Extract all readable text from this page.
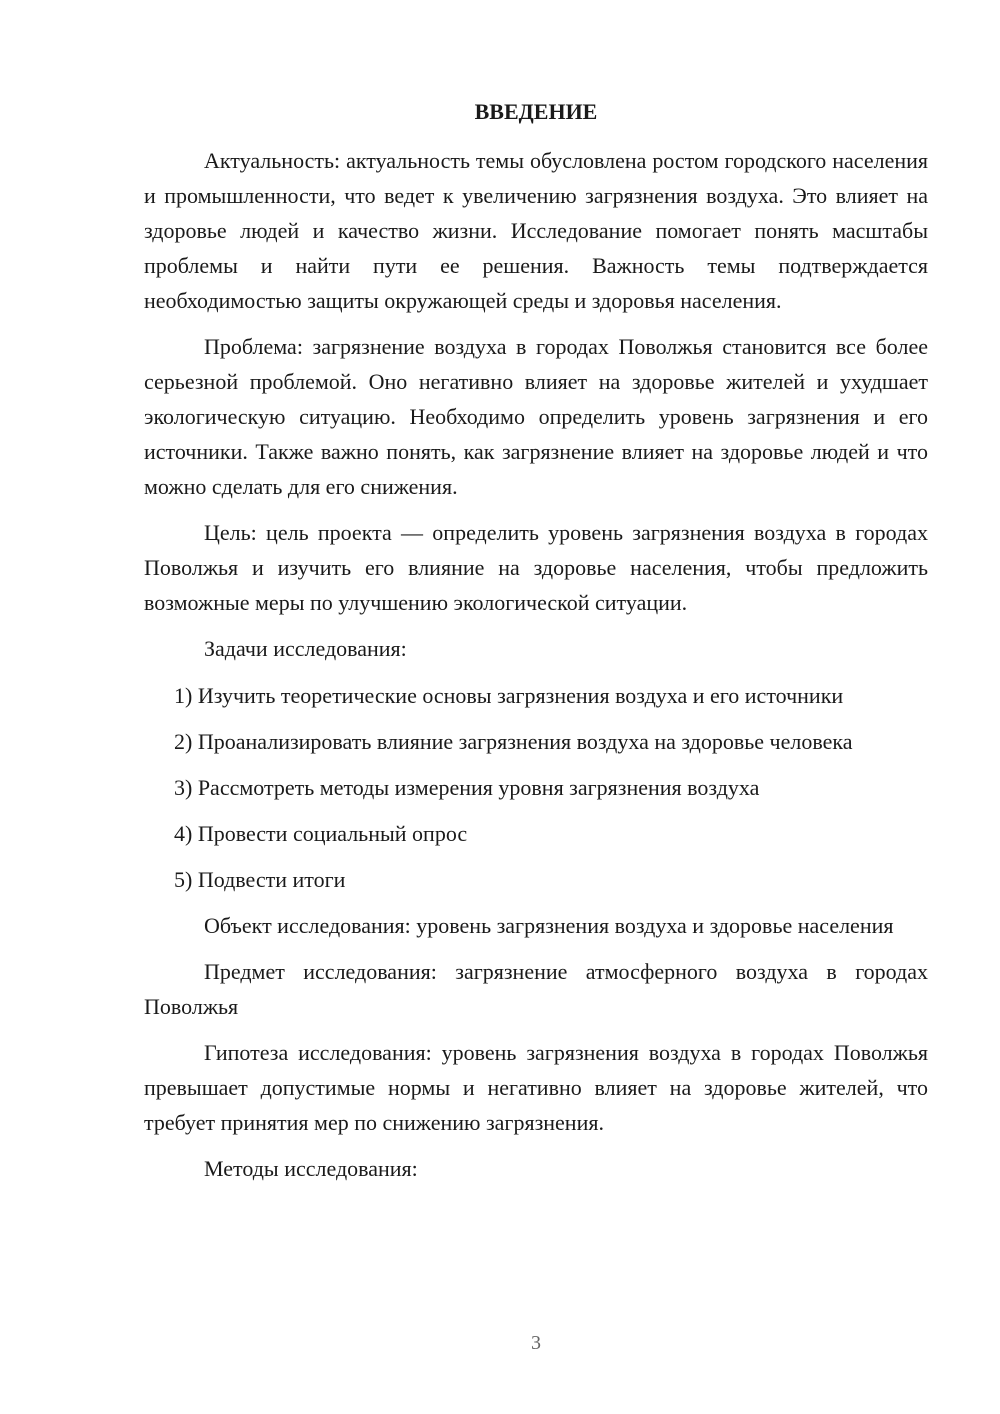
ВВЕДЕНИЕ

Актуальность: актуальность темы обусловлена ростом городского населения и промышленности, что ведет к увеличению загрязнения воздуха. Это влияет на здоровье людей и качество жизни. Исследование помогает понять масштабы проблемы и найти пути ее решения. Важность темы подтверждается необходимостью защиты окружающей среды и здоровья населения.

Проблема: загрязнение воздуха в городах Поволжья становится все более серьезной проблемой. Оно негативно влияет на здоровье жителей и ухудшает экологическую ситуацию. Необходимо определить уровень загрязнения и его источники. Также важно понять, как загрязнение влияет на здоровье людей и что можно сделать для его снижения.

Цель: цель проекта — определить уровень загрязнения воздуха в городах Поволжья и изучить его влияние на здоровье населения, чтобы предложить возможные меры по улучшению экологической ситуации.

Задачи исследования:

1) Изучить теоретические основы загрязнения воздуха и его источники

2) Проанализировать влияние загрязнения воздуха на здоровье человека

3) Рассмотреть методы измерения уровня загрязнения воздуха

4) Провести социальный опрос

5) Подвести итоги

Объект исследования: уровень загрязнения воздуха и здоровье населения

Предмет исследования: загрязнение атмосферного воздуха в городах Поволжья

Гипотеза исследования: уровень загрязнения воздуха в городах Поволжья превышает допустимые нормы и негативно влияет на здоровье жителей, что требует принятия мер по снижению загрязнения.

Методы исследования:

3
